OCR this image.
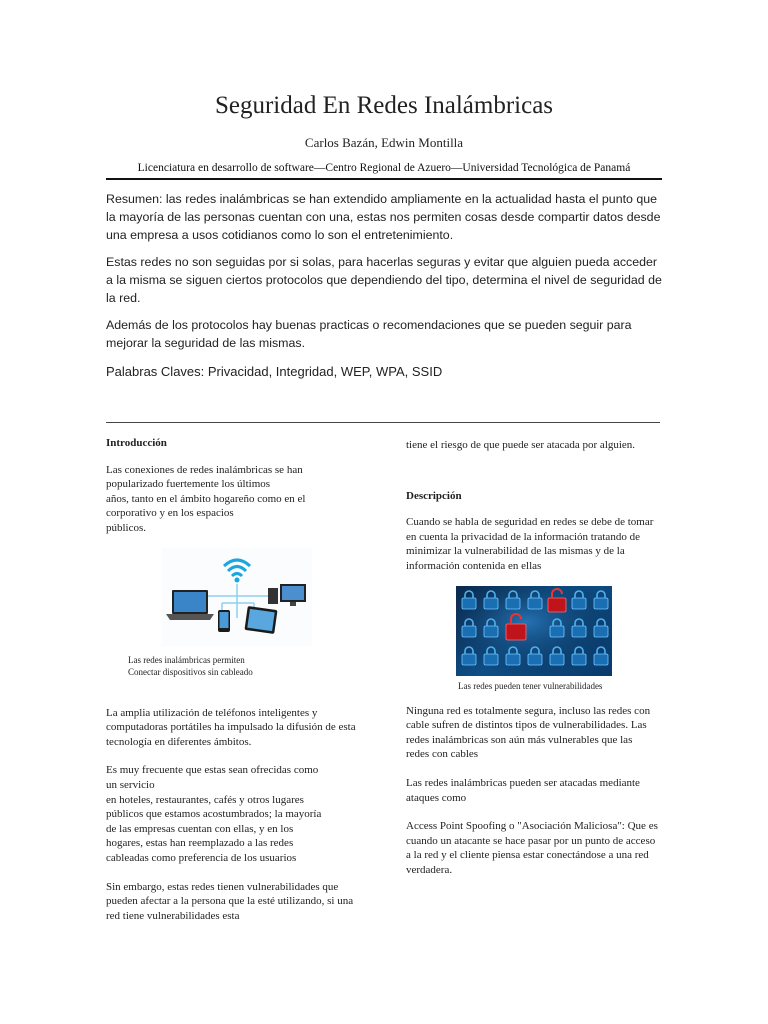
Seguridad En Redes Inalámbricas
Carlos Bazán, Edwin Montilla
Licenciatura en desarrollo de software—Centro Regional de Azuero—Universidad Tecnológica de Panamá

Resumen: las redes inalámbricas se han extendido ampliamente en la actualidad hasta el punto que la mayoría de las personas cuentan con una, estas nos permiten cosas desde compartir datos desde una empresa a usos cotidianos como lo son el entretenimiento.

Estas redes no son seguidas por si solas, para hacerlas seguras y evitar que alguien pueda acceder a la misma se siguen ciertos protocolos que dependiendo del tipo, determina el nivel de seguridad de la red.

Además de los protocolos hay buenas practicas o recomendaciones que se pueden seguir para mejorar la seguridad de las mismas.

Palabras Claves: Privacidad, Integridad, WEP, WPA, SSID

Introducción

Las conexiones de redes inalámbricas se han
popularizado fuertemente los últimos
años, tanto en el ámbito hogareño como en el
corporativo y en los espacios
públicos.
Las redes inalámbricas permiten
Conectar dispositivos sin cableado

La amplia utilización de teléfonos inteligentes y computadoras portátiles ha impulsado la difusión de esta tecnología en diferentes ámbitos.

Es muy frecuente que estas sean ofrecidas como
un servicio
en hoteles, restaurantes, cafés y otros lugares
públicos que estamos acostumbrados; la mayoría
de las empresas cuentan con ellas, y en los
hogares, estas han reemplazado a las redes
cableadas como preferencia de los usuarios

Sin embargo, estas redes tienen vulnerabilidades que pueden afectar a la persona que la esté utilizando, si una red tiene vulnerabilidades esta

tiene el riesgo de que puede ser atacada por alguien.

Descripción

Cuando se habla de seguridad en redes se debe de tomar en cuenta la privacidad de la información tratando de minimizar la vulnerabilidad de las mismas y de la información contenida en ellas

Las redes pueden tener vulnerabilidades

Ninguna red es totalmente segura, incluso las redes con cable sufren de distintos tipos de vulnerabilidades. Las redes inalámbricas son aún más vulnerables que las redes con cables

Las redes inalámbricas pueden ser atacadas mediante ataques como

Access Point Spoofing o "Asociación Maliciosa": Que es cuando un atacante se hace pasar por un punto de acceso a la red y el cliente piensa estar conectándose a una red verdadera.
